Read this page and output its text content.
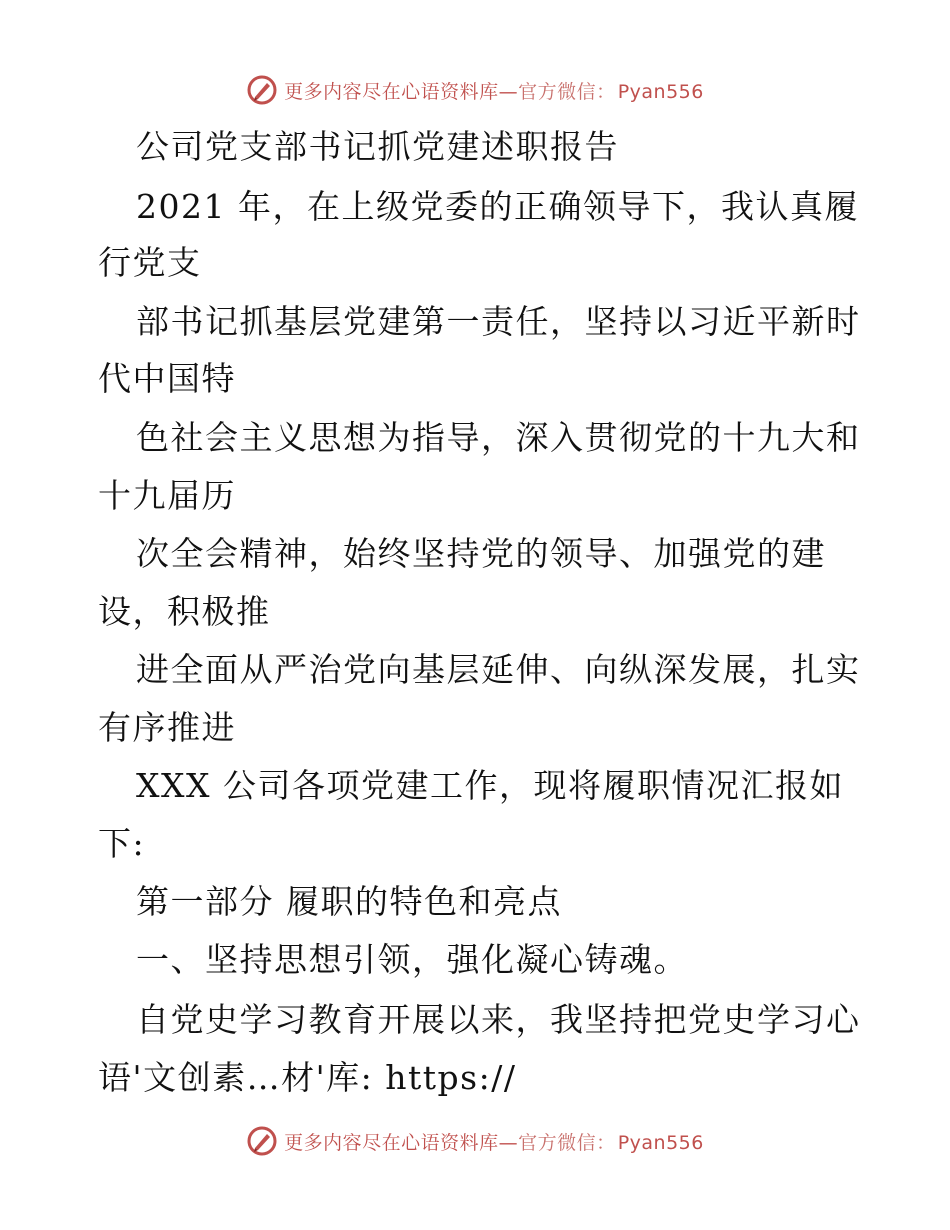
更多内容尽在心语资料库—官方微信： Pyan556
公司党支部书记抓党建述职报告
2021 年，在上级党委的正确领导下，我认真履
行党支
部书记抓基层党建第一责任，坚持以习近平新时
代中国特
色社会主义思想为指导，深入贯彻党的十九大和
十九届历
次全会精神，始终坚持党的领导、加强党的建
设，积极推
进全面从严治党向基层延伸、向纵深发展，扎实
有序推进
XXX 公司各项党建工作，现将履职情况汇报如
下:
第一部分 履职的特色和亮点
一、坚持思想引领，强化凝心铸魂。
自党史学习教育开展以来，我坚持把党史学习心
语'文创素…材'库: https://
更多内容尽在心语资料库—官方微信： Pyan556
